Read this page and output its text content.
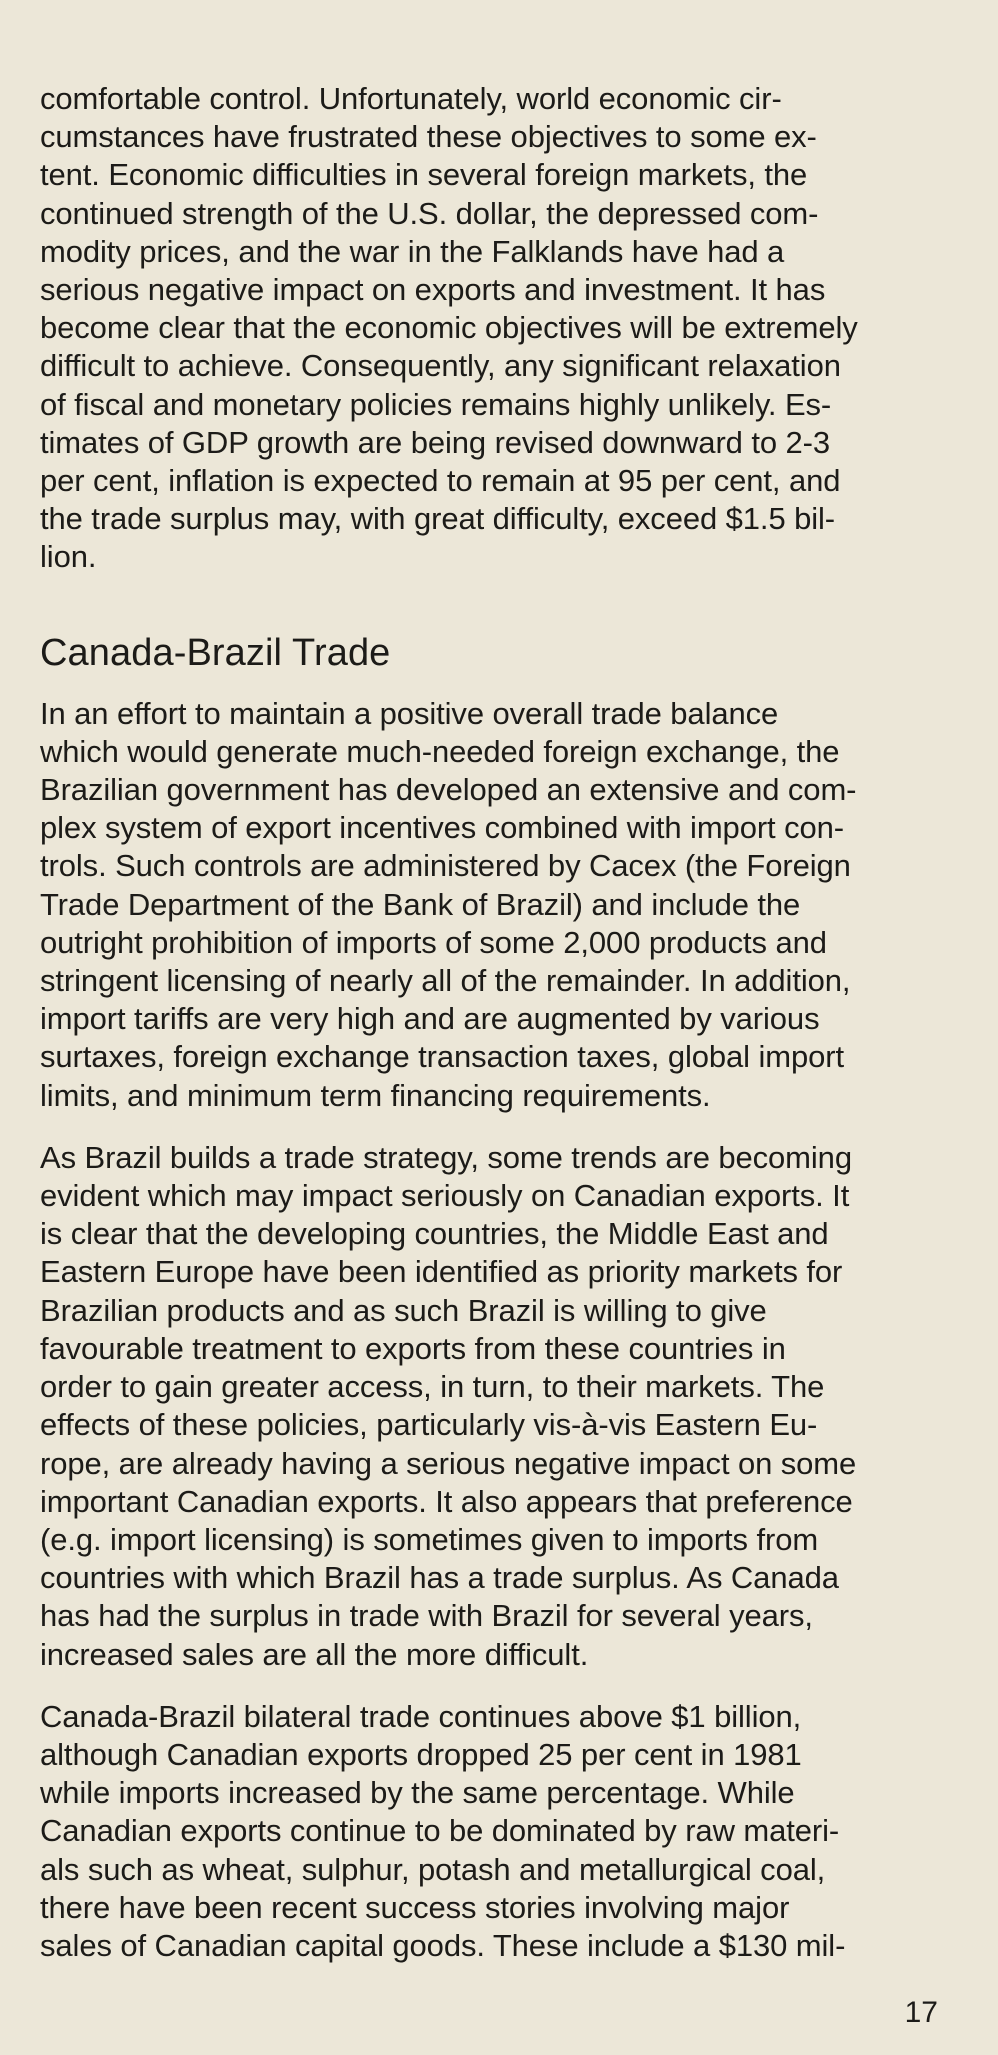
comfortable control. Unfortunately, world economic cir-
cumstances have frustrated these objectives to some ex-
tent. Economic difficulties in several foreign markets, the
continued strength of the U.S. dollar, the depressed com-
modity prices, and the war in the Falklands have had a
serious negative impact on exports and investment. It has
become clear that the economic objectives will be extremely
difficult to achieve. Consequently, any significant relaxation
of fiscal and monetary policies remains highly unlikely. Es-
timates of GDP growth are being revised downward to 2-3
per cent, inflation is expected to remain at 95 per cent, and
the trade surplus may, with great difficulty, exceed $1.5 bil-
lion.

Canada-Brazil Trade

In an effort to maintain a positive overall trade balance
which would generate much-needed foreign exchange, the
Brazilian government has developed an extensive and com-
plex system of export incentives combined with import con-
trols. Such controls are administered by Cacex (the Foreign
Trade Department of the Bank of Brazil) and include the
outright prohibition of imports of some 2,000 products and
stringent licensing of nearly all of the remainder. In addition,
import tariffs are very high and are augmented by various
surtaxes, foreign exchange transaction taxes, global import
limits, and minimum term financing requirements.

As Brazil builds a trade strategy, some trends are becoming
evident which may impact seriously on Canadian exports. It
is clear that the developing countries, the Middle East and
Eastern Europe have been identified as priority markets for
Brazilian products and as such Brazil is willing to give
favourable treatment to exports from these countries in
order to gain greater access, in turn, to their markets. The
effects of these policies, particularly vis-à-vis Eastern Eu-
rope, are already having a serious negative impact on some
important Canadian exports. It also appears that preference
(e.g. import licensing) is sometimes given to imports from
countries with which Brazil has a trade surplus. As Canada
has had the surplus in trade with Brazil for several years,
increased sales are all the more difficult.

Canada-Brazil bilateral trade continues above $1 billion,
although Canadian exports dropped 25 per cent in 1981
while imports increased by the same percentage. While
Canadian exports continue to be dominated by raw materi-
als such as wheat, sulphur, potash and metallurgical coal,
there have been recent success stories involving major
sales of Canadian capital goods. These include a $130 mil-

17
